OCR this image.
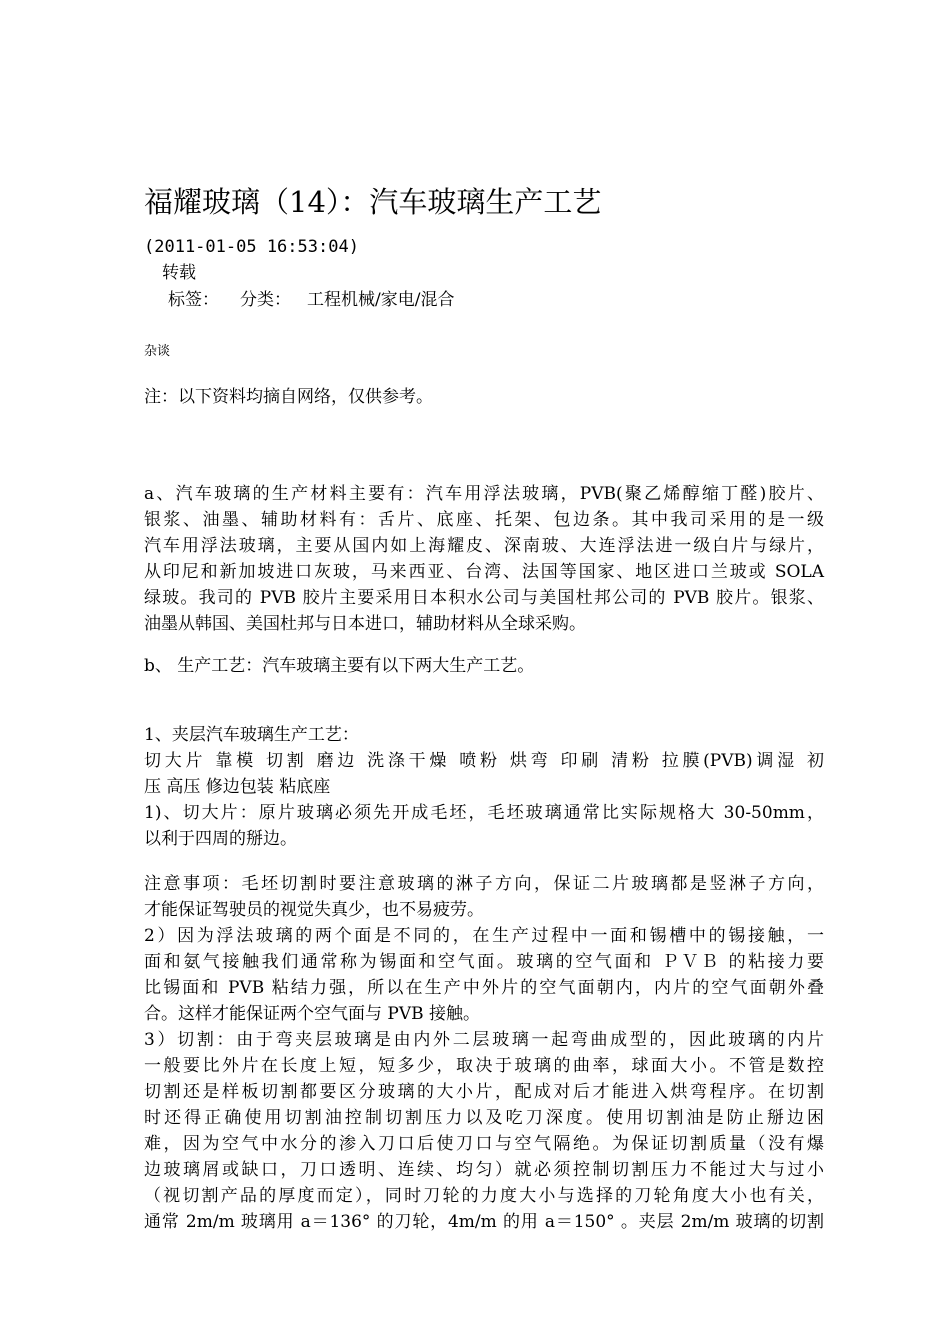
福耀玻璃（14）：汽车玻璃生产工艺
(2011-01-05 16:53:04)
转载
标签： 分类： 工程机械/家电/混合
杂谈
注：以下资料均摘自网络，仅供参考。
a、汽车玻璃的生产材料主要有：汽车用浮法玻璃，PVB(聚乙烯醇缩丁醛)胶片、
银浆、油墨、辅助材料有：舌片、底座、托架、包边条。其中我司采用的是一级
汽车用浮法玻璃，主要从国内如上海耀皮、深南玻、大连浮法进一级白片与绿片，
从印尼和新加坡进口灰玻，马来西亚、台湾、法国等国家、地区进口兰玻或 SOLA
绿玻。我司的 PVB 胶片主要采用日本积水公司与美国杜邦公司的 PVB 胶片。银浆、
油墨从韩国、美国杜邦与日本进口，辅助材料从全球采购。
b、 生产工艺：汽车玻璃主要有以下两大生产工艺。
1、夹层汽车玻璃生产工艺：
切大片 靠模 切割 磨边 洗涤干燥 喷粉 烘弯 印刷 清粉 拉膜(PVB)调湿 初
压 高压 修边包装 粘底座
1)、切大片：原片玻璃必须先开成毛坯，毛坯玻璃通常比实际规格大 30-50mm，
以利于四周的掰边。
注意事项：毛坯切割时要注意玻璃的淋子方向，保证二片玻璃都是竖淋子方向，
才能保证驾驶员的视觉失真少，也不易疲劳。
2）因为浮法玻璃的两个面是不同的，在生产过程中一面和锡槽中的锡接触，一
面和氨气接触我们通常称为锡面和空气面。玻璃的空气面和 ＰＶＢ 的粘接力要
比锡面和 PVB 粘结力强，所以在生产中外片的空气面朝内，内片的空气面朝外叠
合。这样才能保证两个空气面与 PVB 接触。
3）切割：由于弯夹层玻璃是由内外二层玻璃一起弯曲成型的，因此玻璃的内片
一般要比外片在长度上短，短多少，取决于玻璃的曲率，球面大小。不管是数控
切割还是样板切割都要区分玻璃的大小片，配成对后才能进入烘弯程序。在切割
时还得正确使用切割油控制切割压力以及吃刀深度。使用切割油是防止掰边困
难，因为空气中水分的渗入刀口后使刀口与空气隔绝。为保证切割质量（没有爆
边玻璃屑或缺口，刀口透明、连续、均匀）就必须控制切割压力不能过大与过小
（视切割产品的厚度而定），同时刀轮的力度大小与选择的刀轮角度大小也有关，
通常 2m/m 玻璃用 a＝136° 的刀轮，4m/m 的用 a＝150° 。夹层 2m/m 玻璃的切割
